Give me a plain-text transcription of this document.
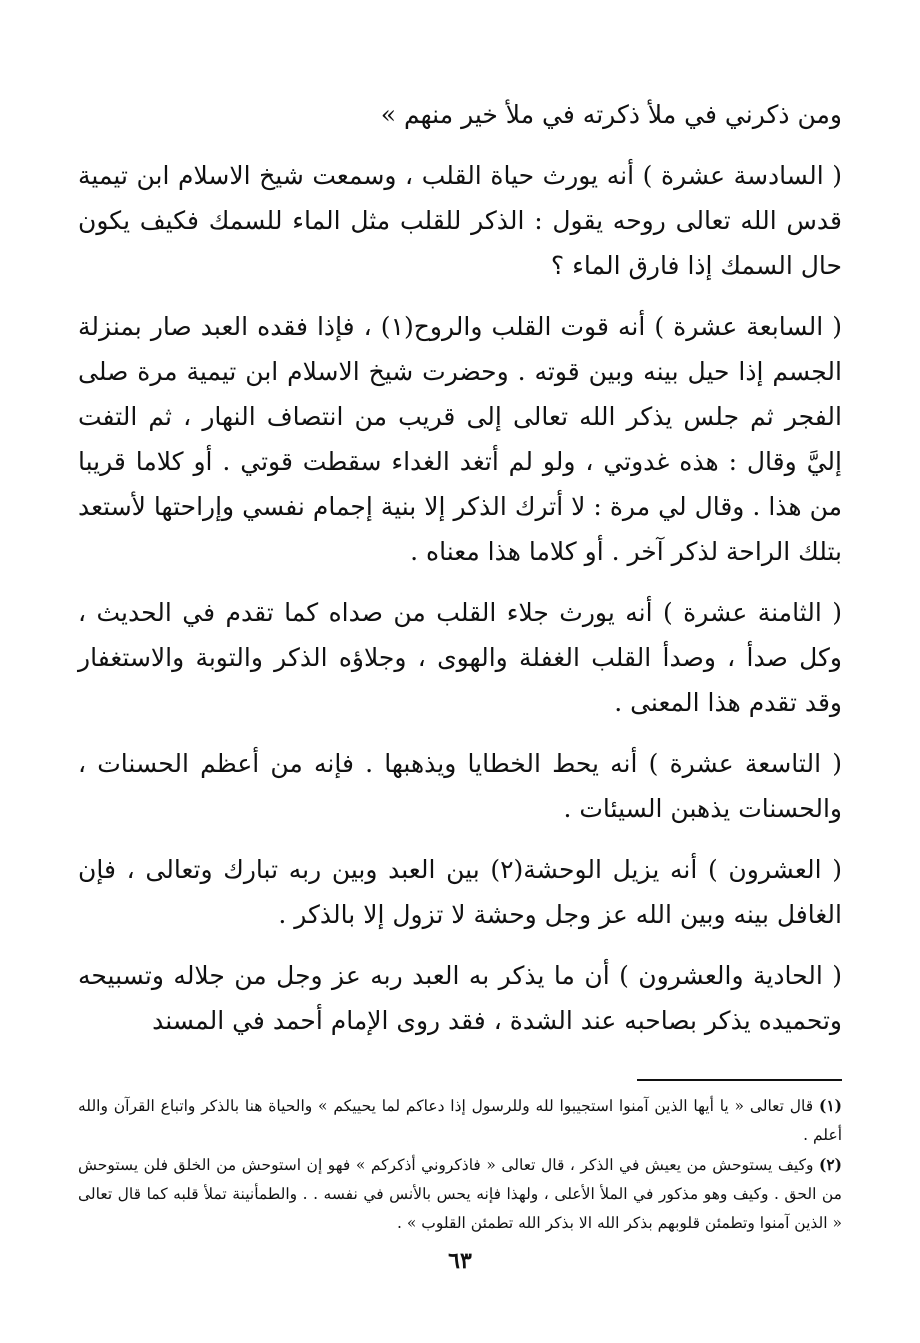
ومن ذكرني في ملأ ذكرته في ملأ خير منهم »

( السادسة عشرة ) أنه يورث حياة القلب ، وسمعت شيخ الاسلام ابن تيمية قدس الله تعالى روحه يقول : الذكر للقلب مثل الماء للسمك فكيف يكون حال السمك إذا فارق الماء ؟

( السابعة عشرة ) أنه قوت القلب والروح(١) ، فإذا فقده العبد صار بمنزلة الجسم إذا حيل بينه وبين قوته . وحضرت شيخ الاسلام ابن تيمية مرة صلى الفجر ثم جلس يذكر الله تعالى إلى قريب من انتصاف النهار ، ثم التفت إليَّ وقال : هذه غدوتي ، ولو لم أتغد الغداء سقطت قوتي . أو كلاما قريبا من هذا . وقال لي مرة : لا أترك الذكر إلا بنية إجمام نفسي وإراحتها لأستعد بتلك الراحة لذكر آخر . أو كلاما هذا معناه .

( الثامنة عشرة ) أنه يورث جلاء القلب من صداه كما تقدم في الحديث ، وكل صدأ ، وصدأ القلب الغفلة والهوى ، وجلاؤه الذكر والتوبة والاستغفار وقد تقدم هذا المعنى .

( التاسعة عشرة ) أنه يحط الخطايا ويذهبها . فإنه من أعظم الحسنات ، والحسنات يذهبن السيئات .

( العشرون ) أنه يزيل الوحشة(٢) بين العبد وبين ربه تبارك وتعالى ، فإن الغافل بينه وبين الله عز وجل وحشة لا تزول إلا بالذكر .

( الحادية والعشرون ) أن ما يذكر به العبد ربه عز وجل من جلاله وتسبيحه وتحميده يذكر بصاحبه عند الشدة ، فقد روى الإمام أحمد في المسند

(١) قال تعالى « يا أيها الذين آمنوا استجيبوا لله وللرسول إذا دعاكم لما يحييكم » والحياة هنا بالذكر واتباع القرآن والله أعلم .

(٢) وكيف يستوحش من يعيش في الذكر ، قال تعالى « فاذكروني أذكركم » فهو إن استوحش من الخلق فلن يستوحش من الحق . وكيف وهو مذكور في الملأ الأعلى ، ولهذا فإنه يحس بالأنس في نفسه . . والطمأنينة تملأ قلبه كما قال تعالى « الذين آمنوا وتطمئن قلوبهم بذكر الله الا بذكر الله تطمئن القلوب » .

٦٣
